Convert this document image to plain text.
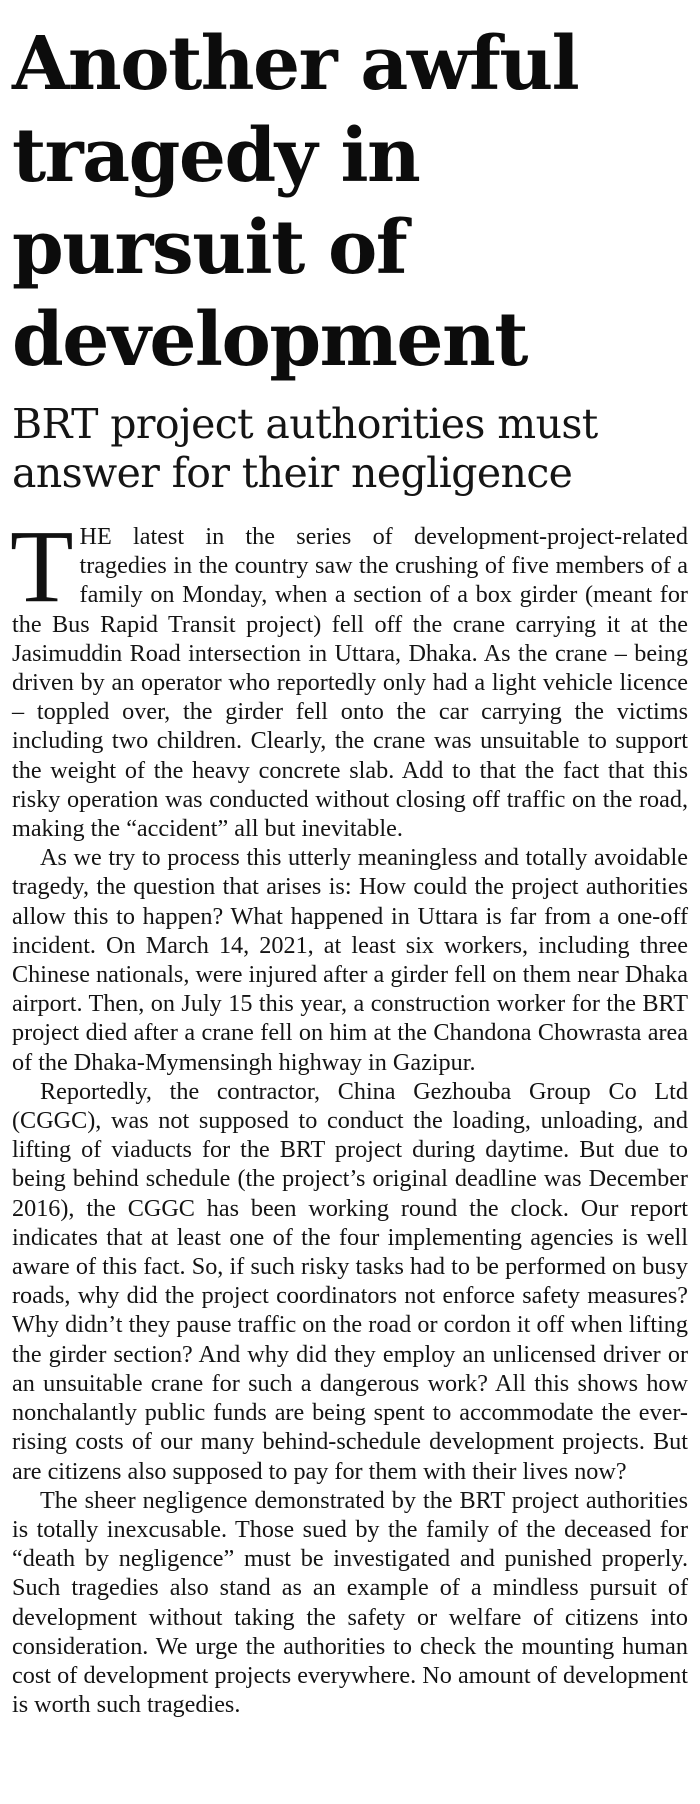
Another awful tragedy in pursuit of development
BRT project authorities must answer for their negligence

THE latest in the series of development-project-related tragedies in the country saw the crushing of five members of a family on Monday, when a section of a box girder (meant for the Bus Rapid Transit project) fell off the crane carrying it at the Jasimuddin Road intersection in Uttara, Dhaka. As the crane – being driven by an operator who reportedly only had a light vehicle licence – toppled over, the girder fell onto the car carrying the victims including two children. Clearly, the crane was unsuitable to support the weight of the heavy concrete slab. Add to that the fact that this risky operation was conducted without closing off traffic on the road, making the “accident” all but inevitable.

As we try to process this utterly meaningless and totally avoidable tragedy, the question that arises is: How could the project authorities allow this to happen? What happened in Uttara is far from a one-off incident. On March 14, 2021, at least six workers, including three Chinese nationals, were injured after a girder fell on them near Dhaka airport. Then, on July 15 this year, a construction worker for the BRT project died after a crane fell on him at the Chandona Chowrasta area of the Dhaka-Mymensingh highway in Gazipur.

Reportedly, the contractor, China Gezhouba Group Co Ltd (CGGC), was not supposed to conduct the loading, unloading, and lifting of viaducts for the BRT project during daytime. But due to being behind schedule (the project’s original deadline was December 2016), the CGGC has been working round the clock. Our report indicates that at least one of the four implementing agencies is well aware of this fact. So, if such risky tasks had to be performed on busy roads, why did the project coordinators not enforce safety measures? Why didn’t they pause traffic on the road or cordon it off when lifting the girder section? And why did they employ an unlicensed driver or an unsuitable crane for such a dangerous work? All this shows how nonchalantly public funds are being spent to accommodate the ever-rising costs of our many behind-schedule development projects. But are citizens also supposed to pay for them with their lives now?

The sheer negligence demonstrated by the BRT project authorities is totally inexcusable. Those sued by the family of the deceased for “death by negligence” must be investigated and punished properly. Such tragedies also stand as an example of a mindless pursuit of development without taking the safety or welfare of citizens into consideration. We urge the authorities to check the mounting human cost of development projects everywhere. No amount of development is worth such tragedies.
